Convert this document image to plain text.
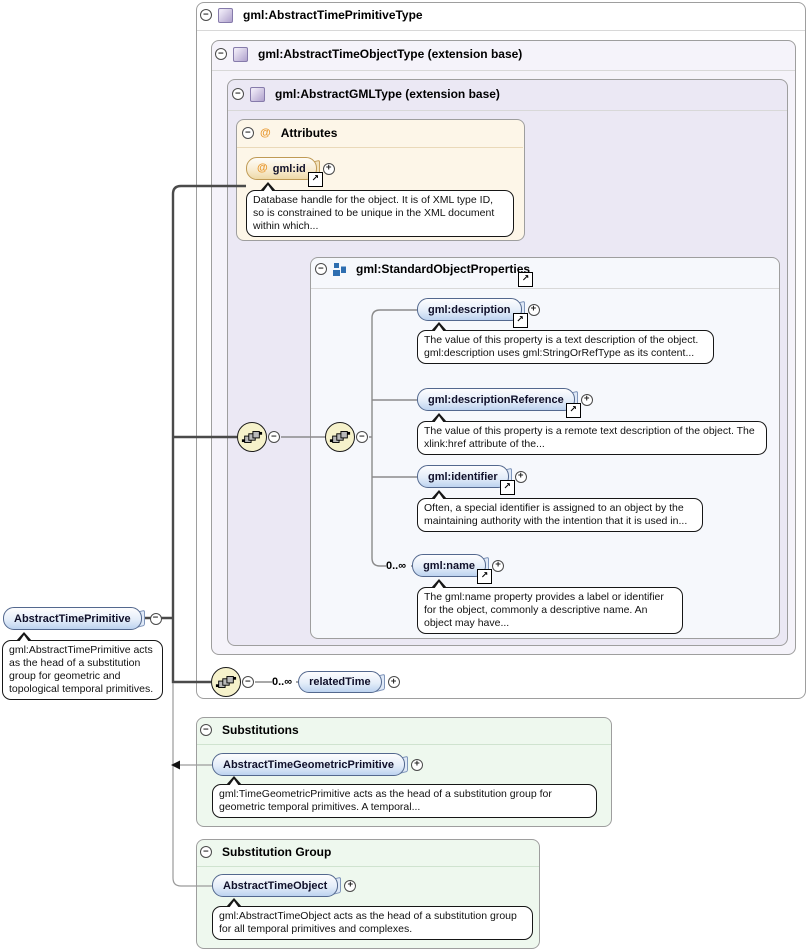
−
gml:AbstractTimePrimitiveType
−
gml:AbstractTimeObjectType (extension base)
−
gml:AbstractGMLType (extension base)
−
@
Attributes
−
gml:StandardObjectProperties
↗
−
Substitutions
−
Substitution Group
−
−
−
@
gml:id
↗
+
Database handle for the object. It is of XML type ID, so is constrained to be unique in the XML document within which...
gml:description
↗
+
The value of this property is a text description of the object. gml:description uses gml:StringOrRefType as its content...
gml:descriptionReference
↗
+
The value of this property is a remote text description of the object. The xlink:href attribute of the...
gml:identifier
↗
+
Often, a special identifier is assigned to an object by the maintaining authority with the intention that it is used in...
0..∞ gml:name
↗
+
The gml:name property provides a label or identifier for the object, commonly a descriptive name. An object may have...
0..∞ relatedTime
+
AbstractTimePrimitive
−
gml:AbstractTimePrimitive acts as the head of a substitution group for geometric and topological temporal primitives.
AbstractTimeGeometricPrimitive
+
gml:TimeGeometricPrimitive acts as the head of a substitution group for geometric temporal primitives. A temporal...
AbstractTimeObject
+
gml:AbstractTimeObject acts as the head of a substitution group for all temporal primitives and complexes.
